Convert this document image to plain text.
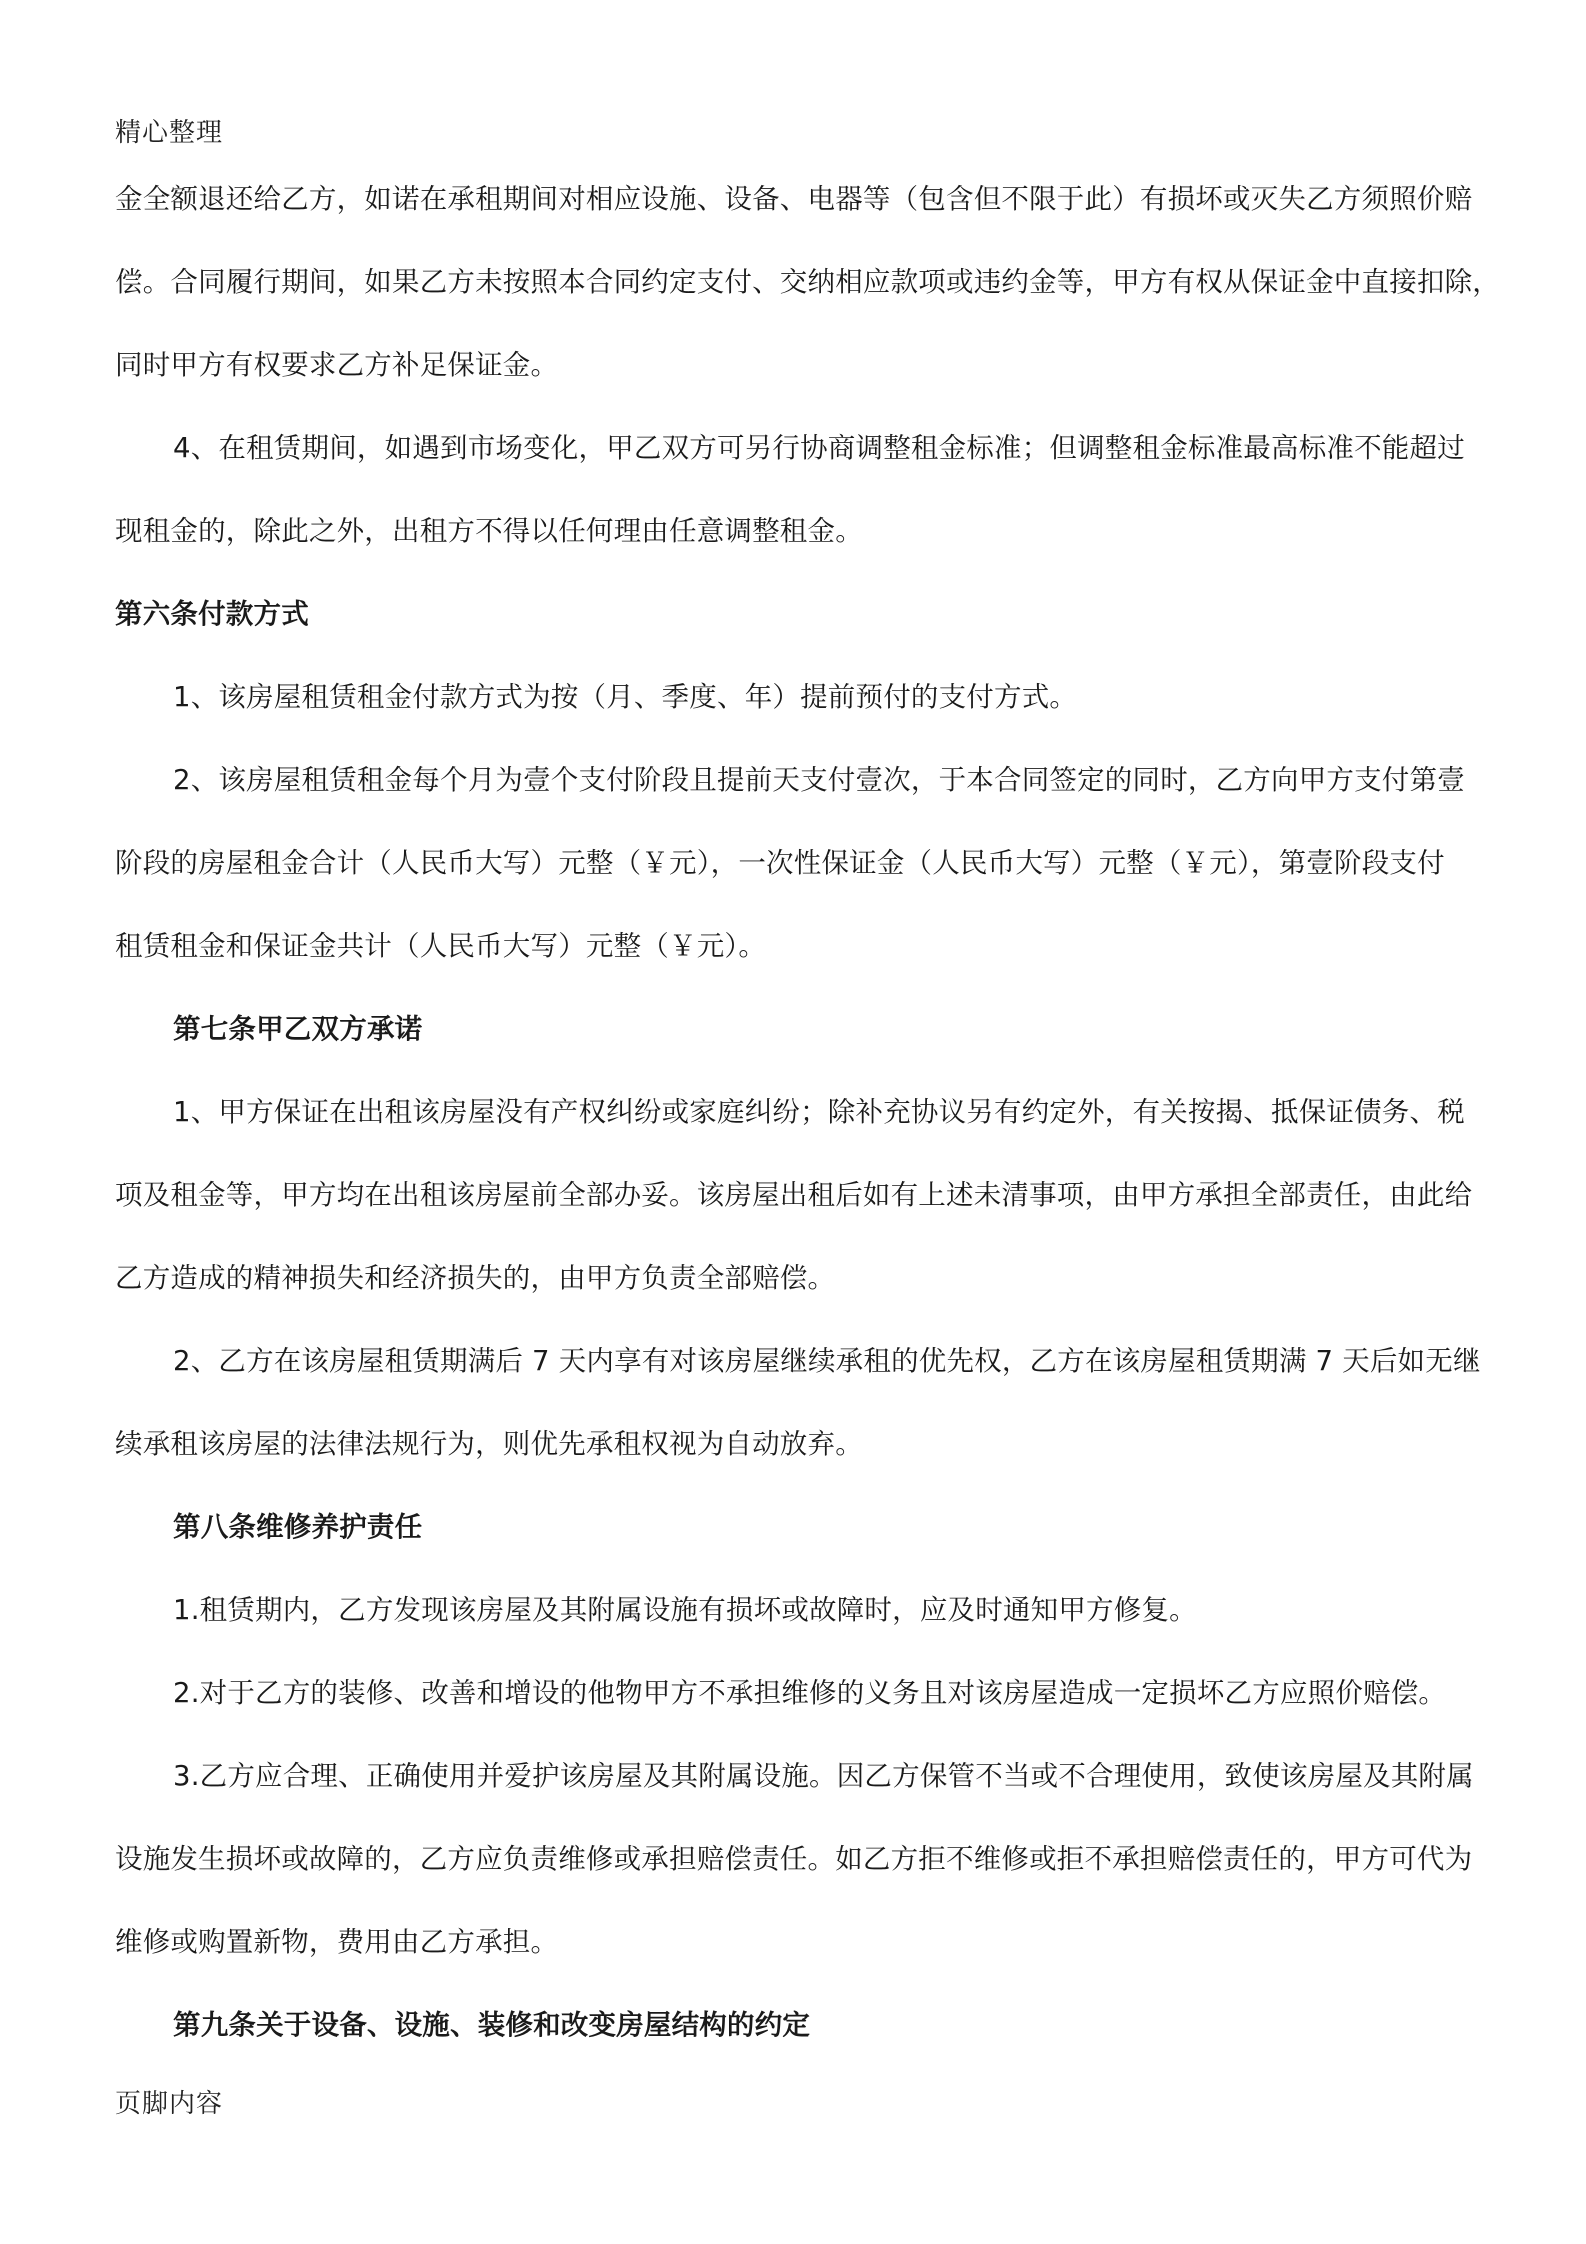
精心整理

金全额退还给乙方，如诺在承租期间对相应设施、设备、电器等（包含但不限于此）有损坏或灭失乙方须照价赔

偿。合同履行期间，如果乙方未按照本合同约定支付、交纳相应款项或违约金等，甲方有权从保证金中直接扣除，

同时甲方有权要求乙方补足保证金。

4、在租赁期间，如遇到市场变化，甲乙双方可另行协商调整租金标准；但调整租金标准最高标准不能超过

现租金的，除此之外，出租方不得以任何理由任意调整租金。

第六条付款方式

1、该房屋租赁租金付款方式为按（月、季度、年）提前预付的支付方式。

2、该房屋租赁租金每个月为壹个支付阶段且提前天支付壹次，于本合同签定的同时，乙方向甲方支付第壹

阶段的房屋租金合计（人民币大写）元整（￥元），一次性保证金（人民币大写）元整（￥元），第壹阶段支付

租赁租金和保证金共计（人民币大写）元整（￥元）。

第七条甲乙双方承诺

1、甲方保证在出租该房屋没有产权纠纷或家庭纠纷；除补充协议另有约定外，有关按揭、抵保证债务、税

项及租金等，甲方均在出租该房屋前全部办妥。该房屋出租后如有上述未清事项，由甲方承担全部责任，由此给

乙方造成的精神损失和经济损失的，由甲方负责全部赔偿。

2、乙方在该房屋租赁期满后 7 天内享有对该房屋继续承租的优先权，乙方在该房屋租赁期满 7 天后如无继

续承租该房屋的法律法规行为，则优先承租权视为自动放弃。

第八条维修养护责任

1.租赁期内，乙方发现该房屋及其附属设施有损坏或故障时，应及时通知甲方修复。

2.对于乙方的装修、改善和增设的他物甲方不承担维修的义务且对该房屋造成一定损坏乙方应照价赔偿。

3.乙方应合理、正确使用并爱护该房屋及其附属设施。因乙方保管不当或不合理使用，致使该房屋及其附属

设施发生损坏或故障的，乙方应负责维修或承担赔偿责任。如乙方拒不维修或拒不承担赔偿责任的，甲方可代为

维修或购置新物，费用由乙方承担。

第九条关于设备、设施、装修和改变房屋结构的约定

页脚内容
